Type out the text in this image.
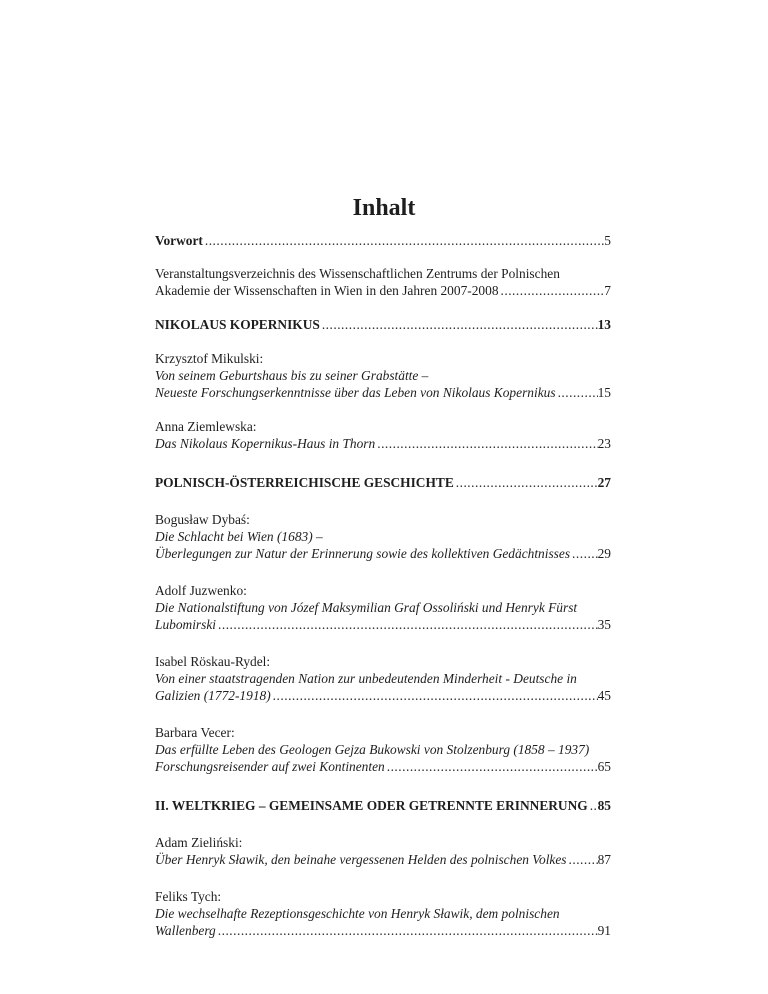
Inhalt
Vorwort .....	5
Veranstaltungsverzeichnis des Wissenschaftlichen Zentrums der Polnischen
Akademie der Wissenschaften in Wien in den Jahren 2007-2008 .....	7
NIKOLAUS KOPERNIKUS .....	13
Krzysztof Mikulski:
Von seinem Geburtshaus bis zu seiner Grabstätte –
Neueste Forschungserkenntnisse über das Leben von Nikolaus Kopernikus .....	15
Anna Ziemlewska:
Das Nikolaus Kopernikus-Haus in Thorn .....	23
POLNISCH-ÖSTERREICHISCHE GESCHICHTE .....	27
Bogusław Dybaś:
Die Schlacht bei Wien (1683) –
Überlegungen zur Natur der Erinnerung sowie des kollektiven Gedächtnisses ..... 29
Adolf Juzwenko:
Die Nationalstiftung von Józef Maksymilian Graf Ossoliński und Henryk Fürst
Lubomirski .....	35
Isabel Röskau-Rydel:
Von einer staatstragenden Nation zur unbedeutenden Minderheit - Deutsche in
Galizien (1772-1918) .....	45
Barbara Vecer:
Das erfüllte Leben des Geologen Gejza Bukowski von Stolzenburg (1858 – 1937)
Forschungsreisender auf zwei Kontinenten .....	65
II. WELTKRIEG – GEMEINSAME ODER GETRENNTE ERINNERUNG ..... 85
Adam Zieliński:
Über Henryk Sławik, den beinahe vergessenen Helden des polnischen Volkes ..... 87
Feliks Tych:
Die wechselhafte Rezeptionsgeschichte von Henryk Sławik, dem polnischen
Wallenberg .....	91
